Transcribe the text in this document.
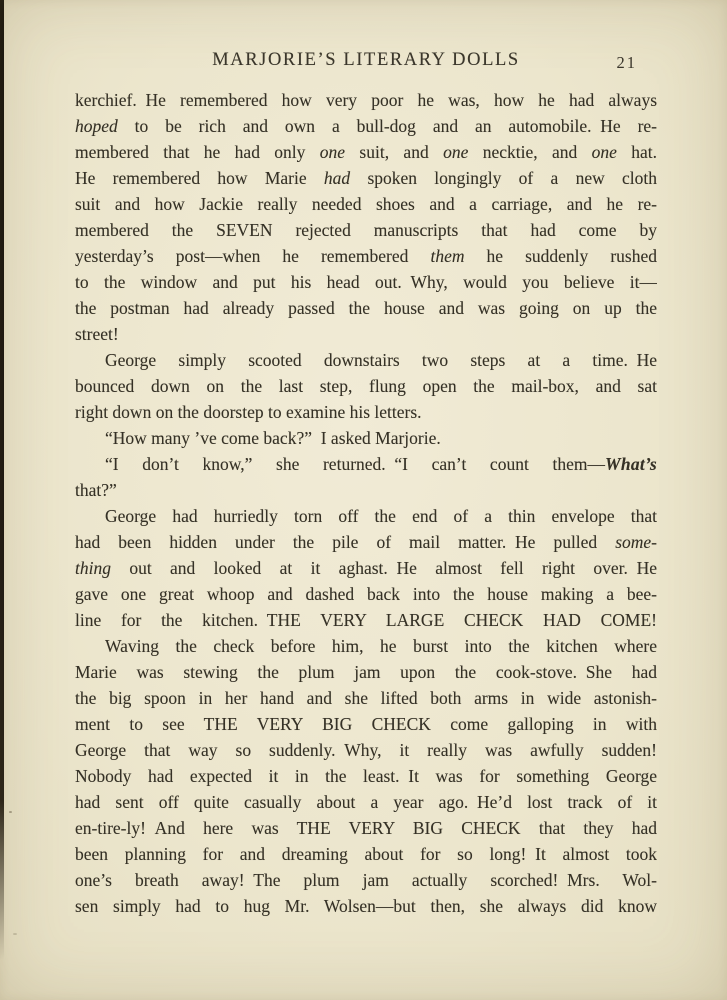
MARJORIE’S LITERARY DOLLS	21
kerchief. He remembered how very poor he was, how he had always
hoped to be rich and own a bull-dog and an automobile. He re-
membered that he had only one suit, and one necktie, and one hat.
He remembered how Marie had spoken longingly of a new cloth
suit and how Jackie really needed shoes and a carriage, and he re-
membered the SEVEN rejected manuscripts that had come by
yesterday’s post—when he remembered them he suddenly rushed
to the window and put his head out. Why, would you believe it—
the postman had already passed the house and was going on up the
street!
George simply scooted downstairs two steps at a time. He
bounced down on the last step, flung open the mail-box, and sat
right down on the doorstep to examine his letters.
“How many ’ve come back?” I asked Marjorie.
“I don’t know,” she returned. “I can’t count them—What’s
that?”
George had hurriedly torn off the end of a thin envelope that
had been hidden under the pile of mail matter. He pulled some-
thing out and looked at it aghast. He almost fell right over. He
gave one great whoop and dashed back into the house making a bee-
line for the kitchen. THE VERY LARGE CHECK HAD COME!
Waving the check before him, he burst into the kitchen where
Marie was stewing the plum jam upon the cook-stove. She had
the big spoon in her hand and she lifted both arms in wide astonish-
ment to see THE VERY BIG CHECK come galloping in with
George that way so suddenly. Why, it really was awfully sudden!
Nobody had expected it in the least. It was for something George
had sent off quite casually about a year ago. He’d lost track of it
en-tire-ly! And here was THE VERY BIG CHECK that they had
been planning for and dreaming about for so long! It almost took
one’s breath away! The plum jam actually scorched! Mrs. Wol-
sen simply had to hug Mr. Wolsen—but then, she always did know
